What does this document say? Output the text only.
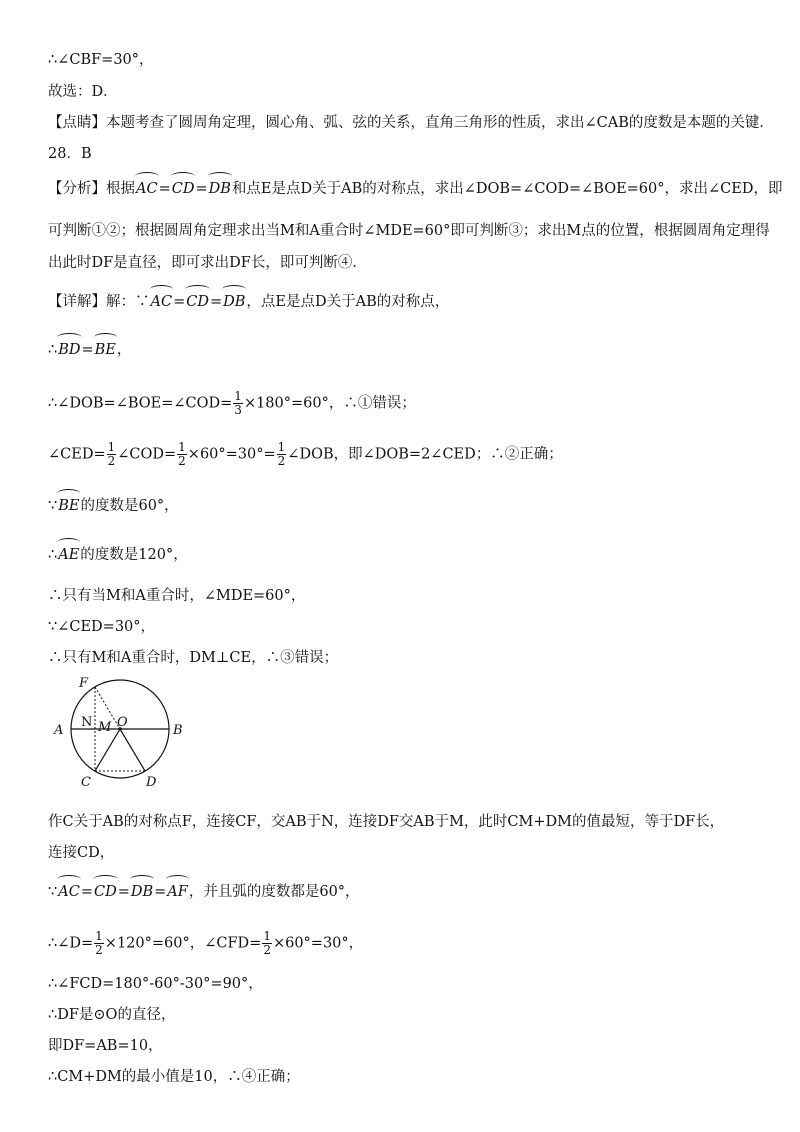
∴∠CBF=30°，
故选：D．
【点睛】本题考查了圆周角定理，圆心角、弧、弦的关系，直角三角形的性质，求出∠CAB的度数是本题的关键．
28．B
【分析】根据AC=CD=DB和点E是点D关于AB的对称点，求出∠DOB=∠COD=∠BOE=60°，求出∠CED，即
可判断①②；根据圆周角定理求出当M和A重合时∠MDE=60°即可判断③；求出M点的位置，根据圆周角定理得
出此时DF是直径，即可求出DF长，即可判断④．
【详解】解：∵AC=CD=DB，点E是点D关于AB的对称点，
∴BD=BE，
∴∠DOB=∠BOE=∠COD= $\frac{1}{3} \times 180^\circ=60^\circ$，∴①错误；
∠CED= $\frac{1}{2}$ ∠COD= $\frac{1}{2} \times 60^\circ=30^\circ= \frac{1}{2}$ ∠DOB，即∠DOB=2∠CED；∴②正确；
∵BE的度数是60°，
∴AE的度数是120°，
∴只有当M和A重合时，∠MDE=60°，
∵∠CED=30°，
∴只有M和A重合时，DM⊥CE，∴③错误；
F
N M O
A	B
C	D
作C关于AB的对称点F，连接CF，交AB于N，连接DF交AB于M，此时CM+DM的值最短，等于DF长，
连接CD，
∵AC=CD=DB=AF，并且弧的度数都是60°，
∴∠D= $\frac{1}{2} \times 120^\circ=60^\circ$，∠CFD= $\frac{1}{2} \times 60^\circ=30^\circ$，
∴∠FCD=180°-60°-30°=90°，
∴DF是⊙O的直径，
即DF=AB=10，
∴CM+DM的最小值是10，∴④正确；
